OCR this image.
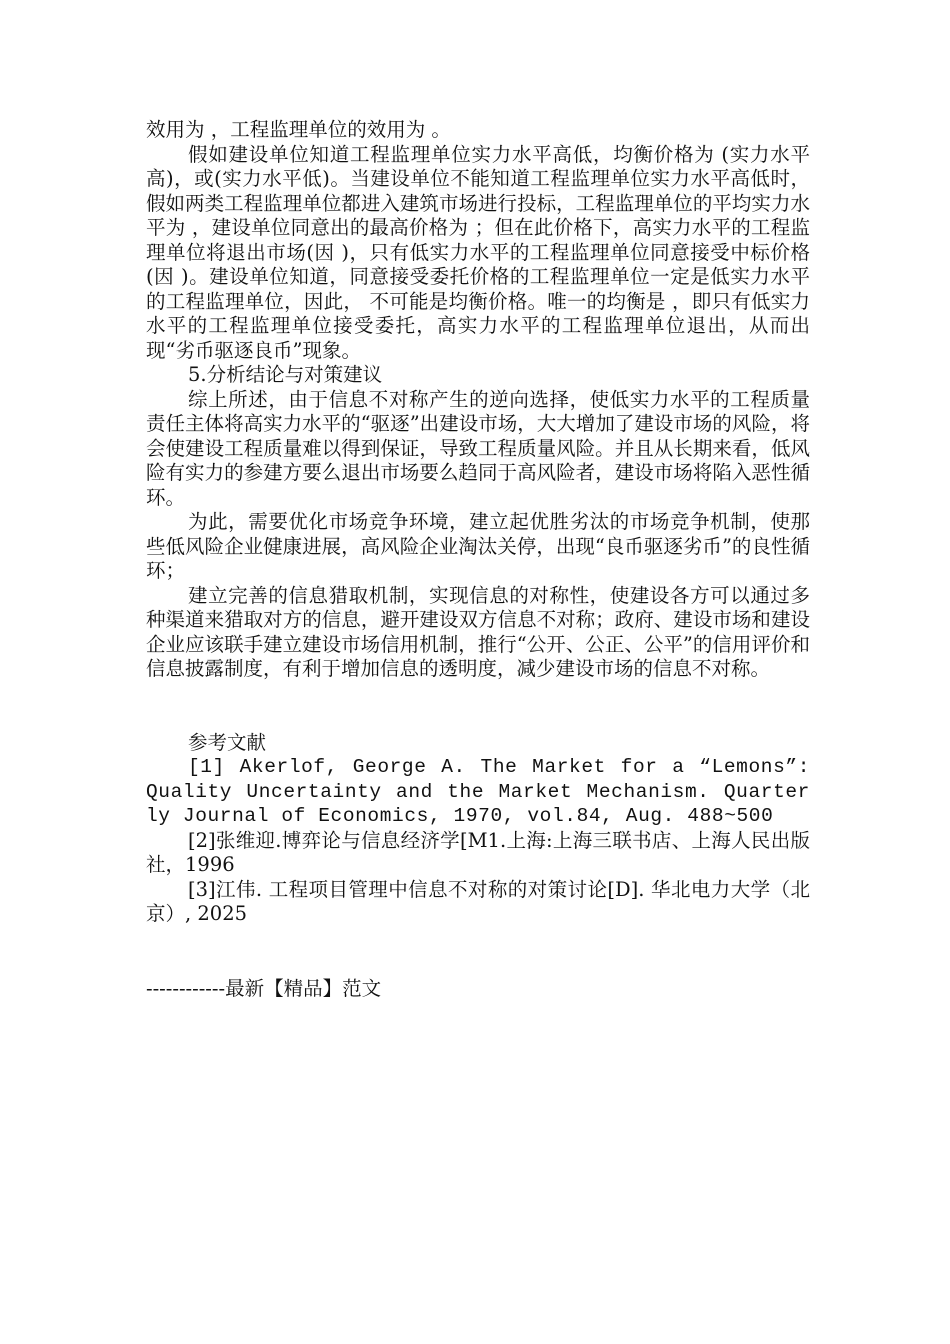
效用为 ，工程监理单位的效用为 。

假如建设单位知道工程监理单位实力水平高低，均衡价格为 (实力水平高)，或(实力水平低)。当建设单位不能知道工程监理单位实力水平高低时，假如两类工程监理单位都进入建筑市场进行投标，工程监理单位的平均实力水平为 ，建设单位同意出的最高价格为 ；但在此价格下，高实力水平的工程监理单位将退出市场(因 )，只有低实力水平的工程监理单位同意接受中标价格(因 )。建设单位知道，同意接受委托价格的工程监理单位一定是低实力水平的工程监理单位，因此， 不可能是均衡价格。唯一的均衡是 ，即只有低实力水平的工程监理单位接受委托，高实力水平的工程监理单位退出，从而出现“劣币驱逐良币”现象。

5.分析结论与对策建议

综上所述，由于信息不对称产生的逆向选择，使低实力水平的工程质量责任主体将高实力水平的“驱逐”出建设市场，大大增加了建设市场的风险，将会使建设工程质量难以得到保证，导致工程质量风险。并且从长期来看，低风险有实力的参建方要么退出市场要么趋同于高风险者，建设市场将陷入恶性循环。

为此，需要优化市场竞争环境，建立起优胜劣汰的市场竞争机制，使那些低风险企业健康进展，高风险企业淘汰关停，出现“良币驱逐劣币”的良性循环；

建立完善的信息猎取机制，实现信息的对称性，使建设各方可以通过多种渠道来猎取对方的信息，避开建设双方信息不对称；政府、建设市场和建设企业应该联手建立建设市场信用机制，推行“公开、公正、公平”的信用评价和信息披露制度，有利于增加信息的透明度，减少建设市场的信息不对称。

参考文献

[1] Akerlof, George A. The Market for a “Lemons”: Quality Uncertainty and the Market Mechanism. Quarterly Journal of Economics, 1970, vol.84, Aug. 488~500

[2]张维迎.博弈论与信息经济学[M1.上海:上海三联书店、上海人民出版社，1996

[3]江伟. 工程项目管理中信息不对称的对策讨论[D]. 华北电力大学（北京）, 2025

------------最新【精品】范文
